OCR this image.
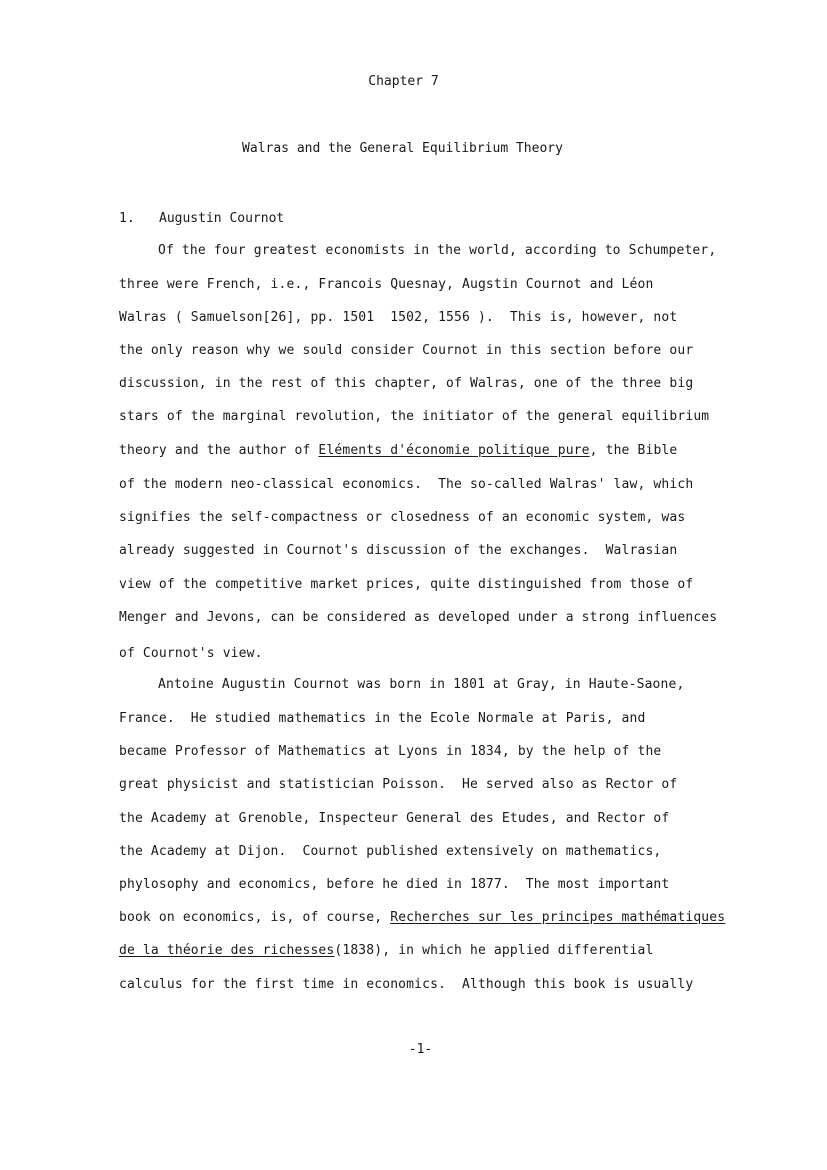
Chapter 7
Walras and the General Equilibrium Theory
1. Augustin Cournot
Of the four greatest economists in the world, according to Schumpeter,
three were French, i.e., Francois Quesnay, Augstin Cournot and Léon
Walras ( Samuelson[26], pp. 1501  1502, 1556 ).  This is, however, not
the only reason why we sould consider Cournot in this section before our
discussion, in the rest of this chapter, of Walras, one of the three big
stars of the marginal revolution, the initiator of the general equilibrium
theory and the author of Eléments d'économie politique pure, the Bible
of the modern neo-classical economics.  The so-called Walras' law, which
signifies the self-compactness or closedness of an economic system, was
already suggested in Cournot's discussion of the exchanges.  Walrasian
view of the competitive market prices, quite distinguished from those of
Menger and Jevons, can be considered as developed under a strong influences
of Cournot's view.
Antoine Augustin Cournot was born in 1801 at Gray, in Haute-Saone,
France.  He studied mathematics in the Ecole Normale at Paris, and
became Professor of Mathematics at Lyons in 1834, by the help of the
great physicist and statistician Poisson.  He served also as Rector of
the Academy at Grenoble, Inspecteur General des Etudes, and Rector of
the Academy at Dijon.  Cournot published extensively on mathematics,
phylosophy and economics, before he died in 1877.  The most important
book on economics, is, of course, Recherches sur les principes mathématiques
de la théorie des richesses(1838), in which he applied differential
calculus for the first time in economics.  Although this book is usually
-1-
